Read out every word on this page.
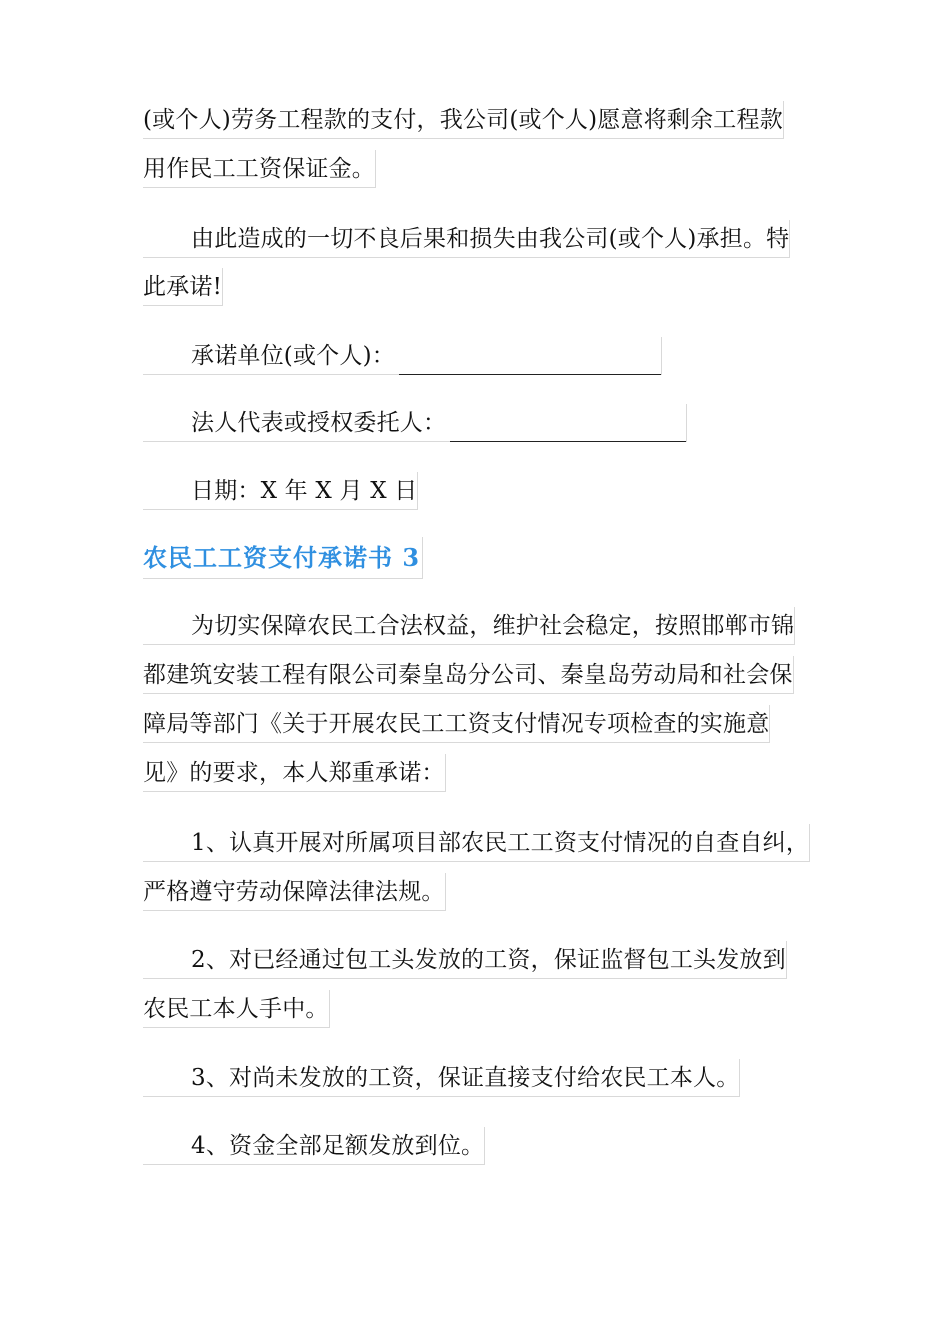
(或个人)劳务工程款的支付，我公司(或个人)愿意将剩余工程款
用作民工工资保证金。
由此造成的一切不良后果和损失由我公司(或个人)承担。特
此承诺!
承诺单位(或个人)：
法人代表或授权委托人：
日期：X 年 X 月 X 日
农民工工资支付承诺书 3
为切实保障农民工合法权益，维护社会稳定，按照邯郸市锦
都建筑安装工程有限公司秦皇岛分公司、秦皇岛劳动局和社会保
障局等部门《关于开展农民工工资支付情况专项检查的实施意
见》的要求，本人郑重承诺：
1、认真开展对所属项目部农民工工资支付情况的自查自纠，
严格遵守劳动保障法律法规。
2、对已经通过包工头发放的工资，保证监督包工头发放到
农民工本人手中。
3、对尚未发放的工资，保证直接支付给农民工本人。
4、资金全部足额发放到位。
